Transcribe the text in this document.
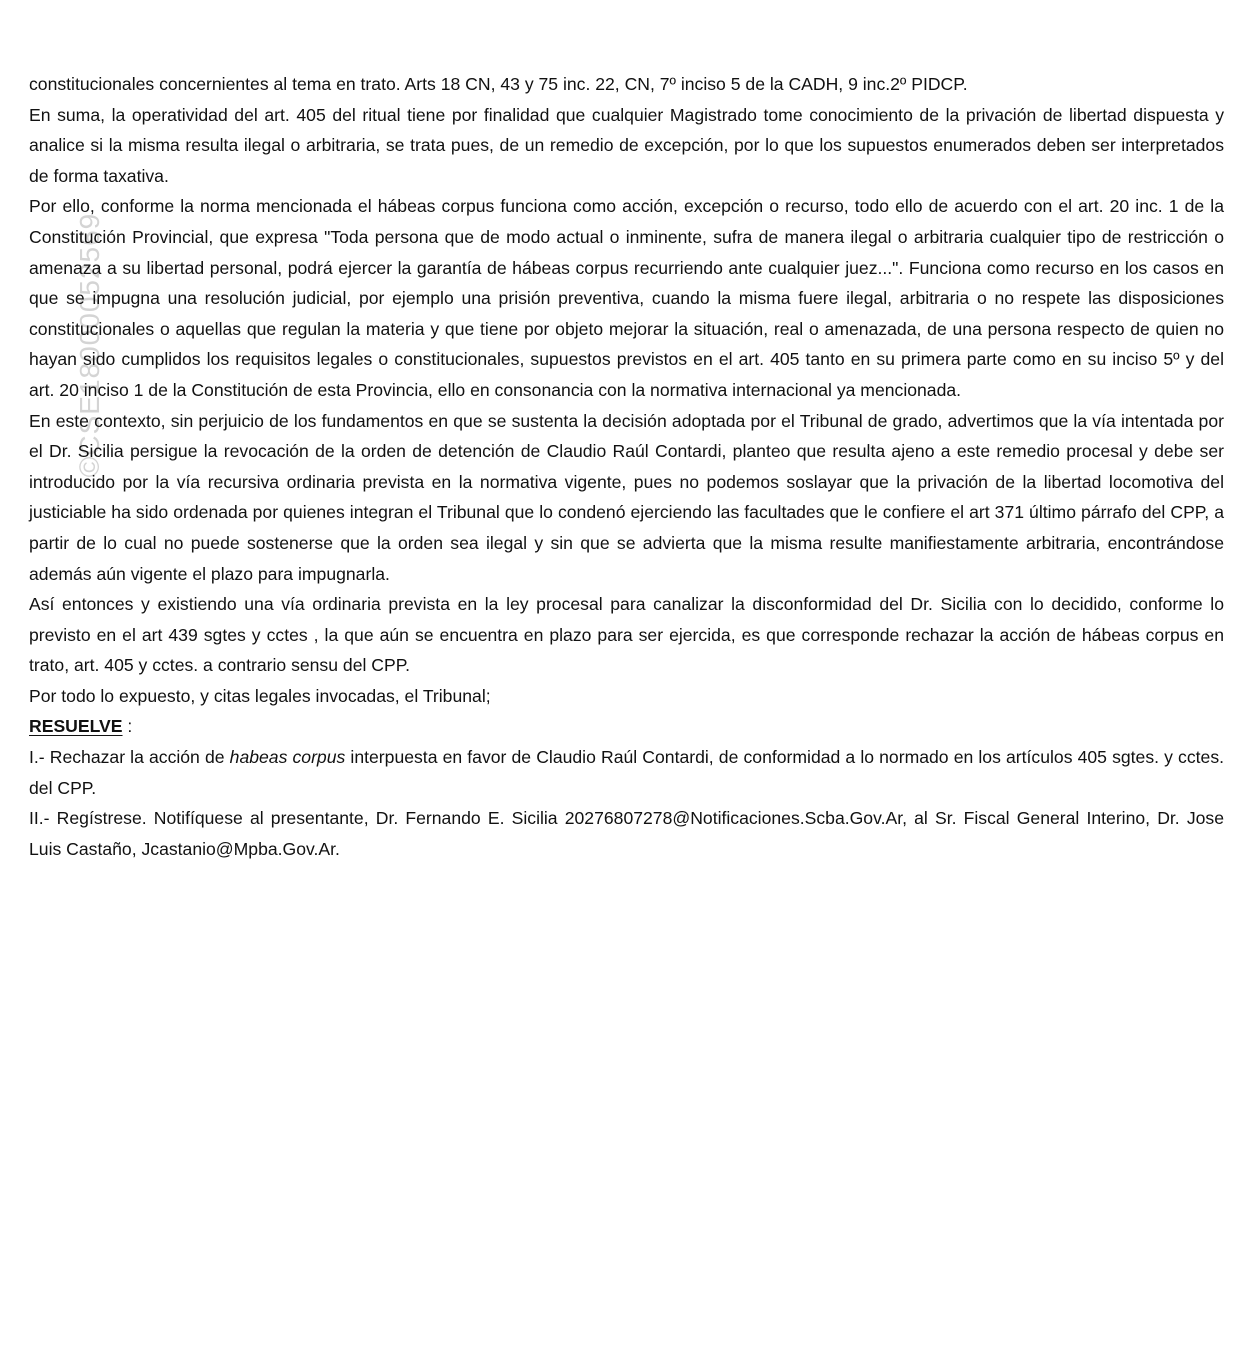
©CSE18000052569

constitucionales concernientes al tema en trato. Arts 18 CN, 43 y 75 inc. 22, CN, 7º inciso 5 de la CADH, 9 inc.2º PIDCP.

En suma, la operatividad del art. 405 del ritual tiene por finalidad que cualquier Magistrado tome conocimiento de la privación de libertad dispuesta y analice si la misma resulta ilegal o arbitraria, se trata pues, de un remedio de excepción, por lo que los supuestos enumerados deben ser interpretados de forma taxativa.

Por ello, conforme la norma mencionada el hábeas corpus funciona como acción, excepción o recurso, todo ello de acuerdo con el art. 20 inc. 1 de la Constitución Provincial, que expresa "Toda persona que de modo actual o inminente, sufra de manera ilegal o arbitraria cualquier tipo de restricción o amenaza a su libertad personal, podrá ejercer la garantía de hábeas corpus recurriendo ante cualquier juez...". Funciona como recurso en los casos en que se impugna una resolución judicial, por ejemplo una prisión preventiva, cuando la misma fuere ilegal, arbitraria o no respete las disposiciones constitucionales o aquellas que regulan la materia y que tiene por objeto mejorar la situación, real o amenazada, de una persona respecto de quien no hayan sido cumplidos los requisitos legales o constitucionales, supuestos previstos en el art. 405 tanto en su primera parte como en su inciso 5º y del art. 20 inciso 1 de la Constitución de esta Provincia, ello en consonancia con la normativa internacional ya mencionada.

En este contexto, sin perjuicio de los fundamentos en que se sustenta la decisión adoptada por el Tribunal de grado, advertimos que la vía intentada por el Dr. Sicilia persigue la revocación de la orden de detención de Claudio Raúl Contardi, planteo que resulta ajeno a este remedio procesal y debe ser introducido por la vía recursiva ordinaria prevista en la normativa vigente, pues no podemos soslayar que la privación de la libertad locomotiva del justiciable ha sido ordenada por quienes integran el Tribunal que lo condenó ejerciendo las facultades que le confiere el art 371 último párrafo del CPP, a partir de lo cual no puede sostenerse que la orden sea ilegal y sin que se advierta que la misma resulte manifiestamente arbitraria, encontrándose además aún vigente el plazo para impugnarla.

Así entonces y existiendo una vía ordinaria prevista en la ley procesal para canalizar la disconformidad del Dr. Sicilia con lo decidido, conforme lo previsto en el art 439 sgtes y cctes , la que aún se encuentra en plazo para ser ejercida, es que corresponde rechazar la acción de hábeas corpus en trato, art. 405 y cctes. a contrario sensu del CPP.

Por todo lo expuesto, y citas legales invocadas, el Tribunal;

RESUELVE :

I.- Rechazar la acción de habeas corpus interpuesta en favor de Claudio Raúl Contardi, de conformidad a lo normado en los artículos 405 sgtes. y cctes. del CPP.

II.- Regístrese. Notifíquese al presentante, Dr. Fernando E. Sicilia 20276807278@Notificaciones.Scba.Gov.Ar, al Sr. Fiscal General Interino, Dr. Jose Luis Castaño, Jcastanio@Mpba.Gov.Ar.
